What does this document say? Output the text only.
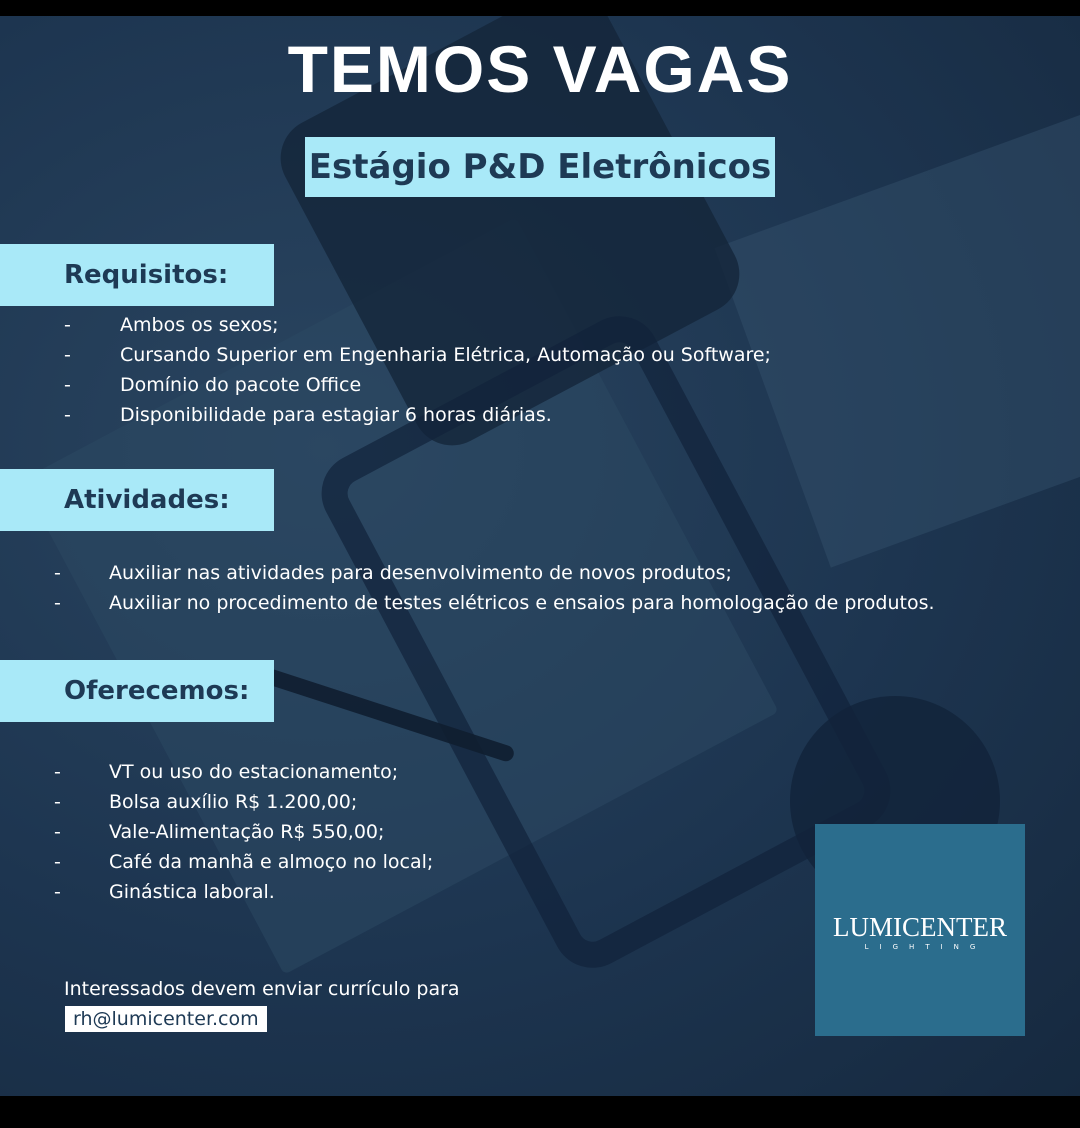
TEMOS VAGAS
Estágio P&D Eletrônicos
Requisitos:
-	Ambos os sexos;
-	Cursando Superior em Engenharia Elétrica, Automação ou Software;
-	Domínio do pacote Office
-	Disponibilidade para estagiar 6 horas diárias.
Atividades:
-	Auxiliar nas atividades para desenvolvimento de novos produtos;
-	Auxiliar no procedimento de testes elétricos e ensaios para homologação de produtos.
Oferecemos:
-	VT ou uso do estacionamento;
-	Bolsa auxílio R$ 1.200,00;
-	Vale-Alimentação R$ 550,00;
-	Café da manhã e almoço no local;
-	Ginástica laboral.
Interessados devem enviar currículo para
rh@lumicenter.com
LUMICENTER
LIGHTING
